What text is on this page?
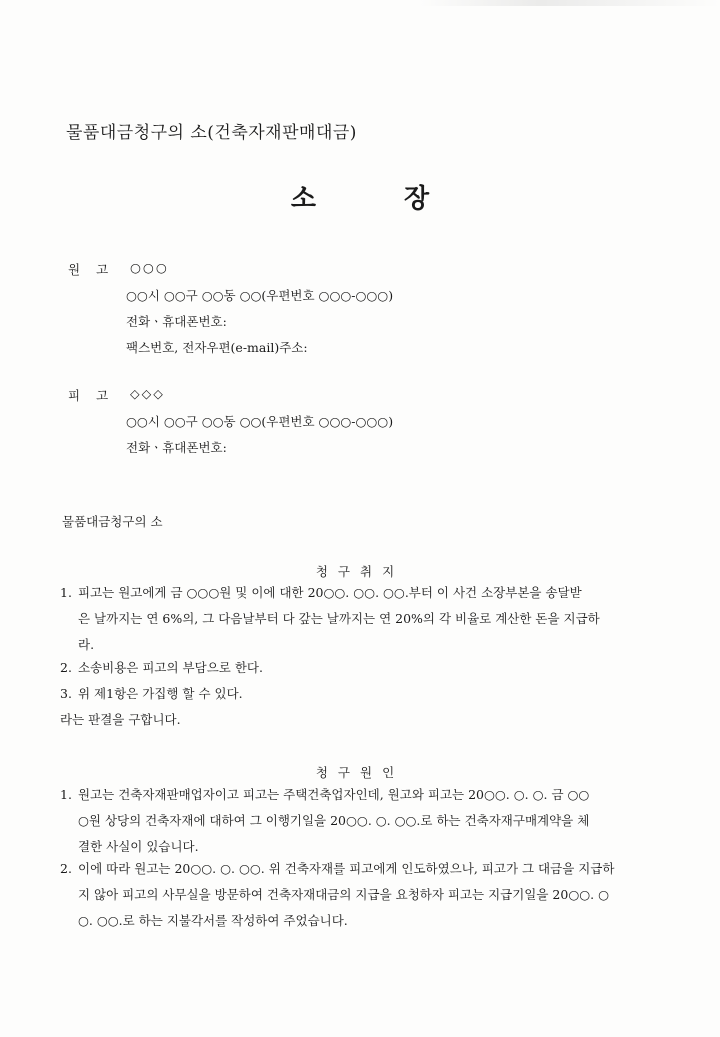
물품대금청구의 소(건축자재판매대금)
소	장
원고 ○○○
○○시 ○○구 ○○동 ○○(우편번호 ○○○-○○○)
전화ㆍ휴대폰번호:
팩스번호, 전자우편(e-mail)주소:
피고 ◇◇◇
○○시 ○○구 ○○동 ○○(우편번호 ○○○-○○○)
전화ㆍ휴대폰번호:
물품대금청구의 소
청구취지
1. 피고는 원고에게 금 ○○○원 및 이에 대한 20○○. ○○. ○○.부터 이 사건 소장부본을 송달받
은 날까지는 연 6%의, 그 다음날부터 다 갚는 날까지는 연 20%의 각 비율로 계산한 돈을 지급하
라.
2. 소송비용은 피고의 부담으로 한다.
3. 위 제1항은 가집행 할 수 있다.
라는 판결을 구합니다.
청구원인
1. 원고는 건축자재판매업자이고 피고는 주택건축업자인데, 원고와 피고는 20○○. ○. ○. 금 ○○
○원 상당의 건축자재에 대하여 그 이행기일을 20○○. ○. ○○.로 하는 건축자재구매계약을 체
결한 사실이 있습니다.
2. 이에 따라 원고는 20○○. ○. ○○. 위 건축자재를 피고에게 인도하였으나, 피고가 그 대금을 지급하
지 않아 피고의 사무실을 방문하여 건축자재대금의 지급을 요청하자 피고는 지급기일을 20○○. ○
○. ○○.로 하는 지불각서를 작성하여 주었습니다.
